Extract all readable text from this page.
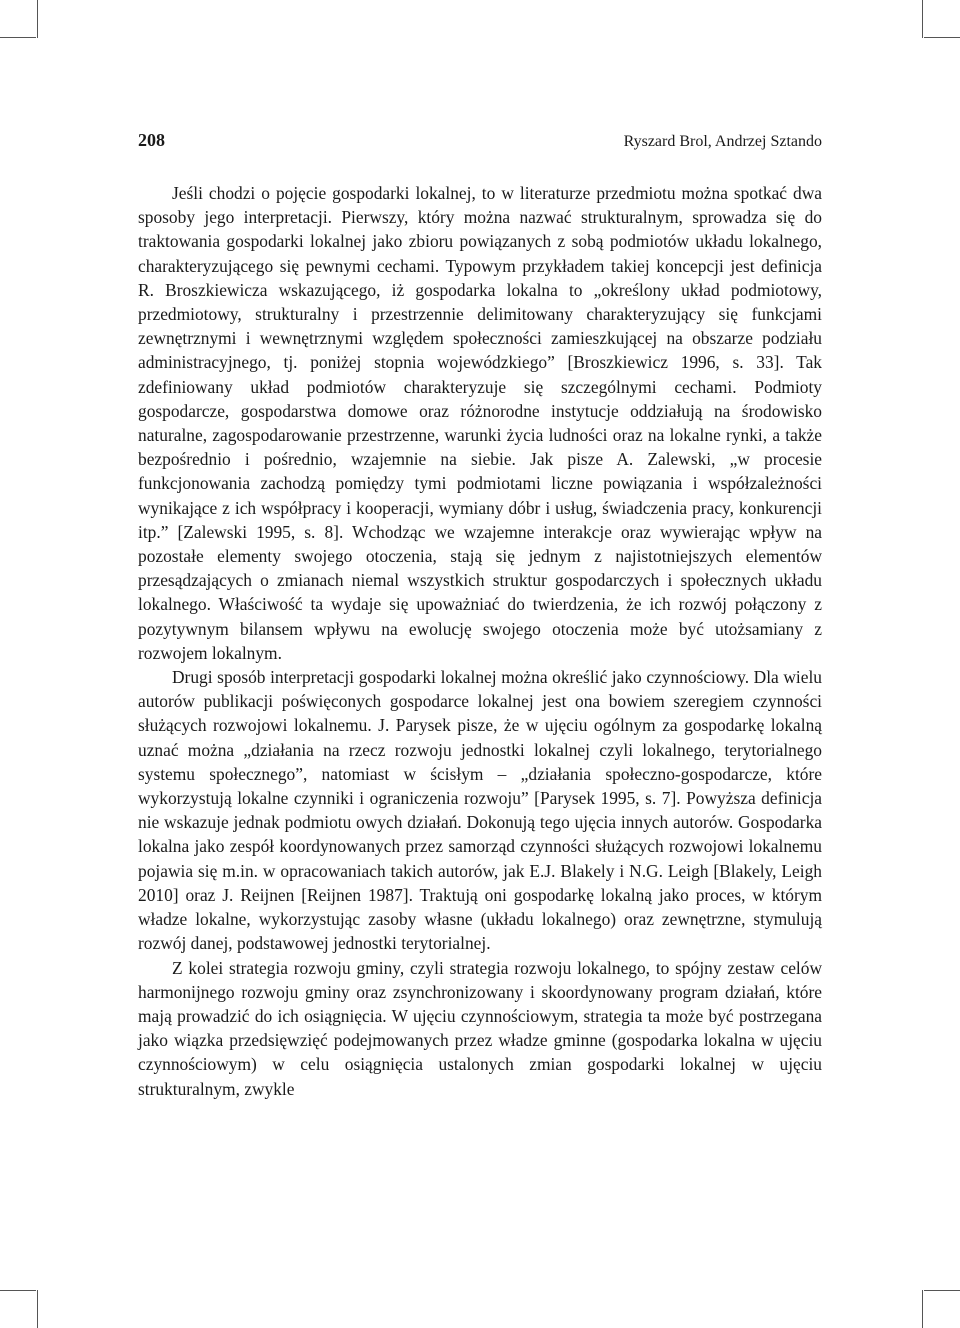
208	Ryszard Brol, Andrzej Sztando

Jeśli chodzi o pojęcie gospodarki lokalnej, to w literaturze przedmiotu można spotkać dwa sposoby jego interpretacji. Pierwszy, który można nazwać strukturalnym, sprowadza się do traktowania gospodarki lokalnej jako zbioru powiązanych z sobą podmiotów układu lokalnego, charakteryzującego się pewnymi cechami. Typowym przykładem takiej koncepcji jest definicja R. Broszkiewicza wskazującego, iż gospodarka lokalna to „określony układ podmiotowy, przedmiotowy, strukturalny i przestrzennie delimitowany charakteryzujący się funkcjami zewnętrznymi i wewnętrznymi względem społeczności zamieszkującej na obszarze podziału administracyjnego, tj. poniżej stopnia wojewódzkiego” [Broszkiewicz 1996, s. 33]. Tak zdefiniowany układ podmiotów charakteryzuje się szczególnymi cechami. Podmioty gospodarcze, gospodarstwa domowe oraz różnorodne instytucje oddziałują na środowisko naturalne, zagospodarowanie przestrzenne, warunki życia ludności oraz na lokalne rynki, a także bezpośrednio i pośrednio, wzajemnie na siebie. Jak pisze A. Zalewski, „w procesie funkcjonowania zachodzą pomiędzy tymi podmiotami liczne powiązania i współzależności wynikające z ich współpracy i kooperacji, wymiany dóbr i usług, świadczenia pracy, konkurencji itp.” [Zalewski 1995, s. 8]. Wchodząc we wzajemne interakcje oraz wywierając wpływ na pozostałe elementy swojego otoczenia, stają się jednym z najistotniejszych elementów przesądzających o zmianach niemal wszystkich struktur gospodarczych i społecznych układu lokalnego. Właściwość ta wydaje się upoważniać do twierdzenia, że ich rozwój połączony z pozytywnym bilansem wpływu na ewolucję swojego otoczenia może być utożsamiany z rozwojem lokalnym.

Drugi sposób interpretacji gospodarki lokalnej można określić jako czynnościowy. Dla wielu autorów publikacji poświęconych gospodarce lokalnej jest ona bowiem szeregiem czynności służących rozwojowi lokalnemu. J. Parysek pisze, że w ujęciu ogólnym za gospodarkę lokalną uznać można „działania na rzecz rozwoju jednostki lokalnej czyli lokalnego, terytorialnego systemu społecznego”, natomiast w ścisłym – „działania społeczno-gospodarcze, które wykorzystują lokalne czynniki i ograniczenia rozwoju” [Parysek 1995, s. 7]. Powyższa definicja nie wskazuje jednak podmiotu owych działań. Dokonują tego ujęcia innych autorów. Gospodarka lokalna jako zespół koordynowanych przez samorząd czynności służących rozwojowi lokalnemu pojawia się m.in. w opracowaniach takich autorów, jak E.J. Blakely i N.G. Leigh [Blakely, Leigh 2010] oraz J. Reijnen [Reijnen 1987]. Traktują oni gospodarkę lokalną jako proces, w którym władze lokalne, wykorzystując zasoby własne (układu lokalnego) oraz zewnętrzne, stymulują rozwój danej, podstawowej jednostki terytorialnej.

Z kolei strategia rozwoju gminy, czyli strategia rozwoju lokalnego, to spójny zestaw celów harmonijnego rozwoju gminy oraz zsynchronizowany i skoordynowany program działań, które mają prowadzić do ich osiągnięcia. W ujęciu czynnościowym, strategia ta może być postrzegana jako wiązka przedsięwzięć podejmowanych przez władze gminne (gospodarka lokalna w ujęciu czynnościowym) w celu osiągnięcia ustalonych zmian gospodarki lokalnej w ujęciu strukturalnym, zwykle
